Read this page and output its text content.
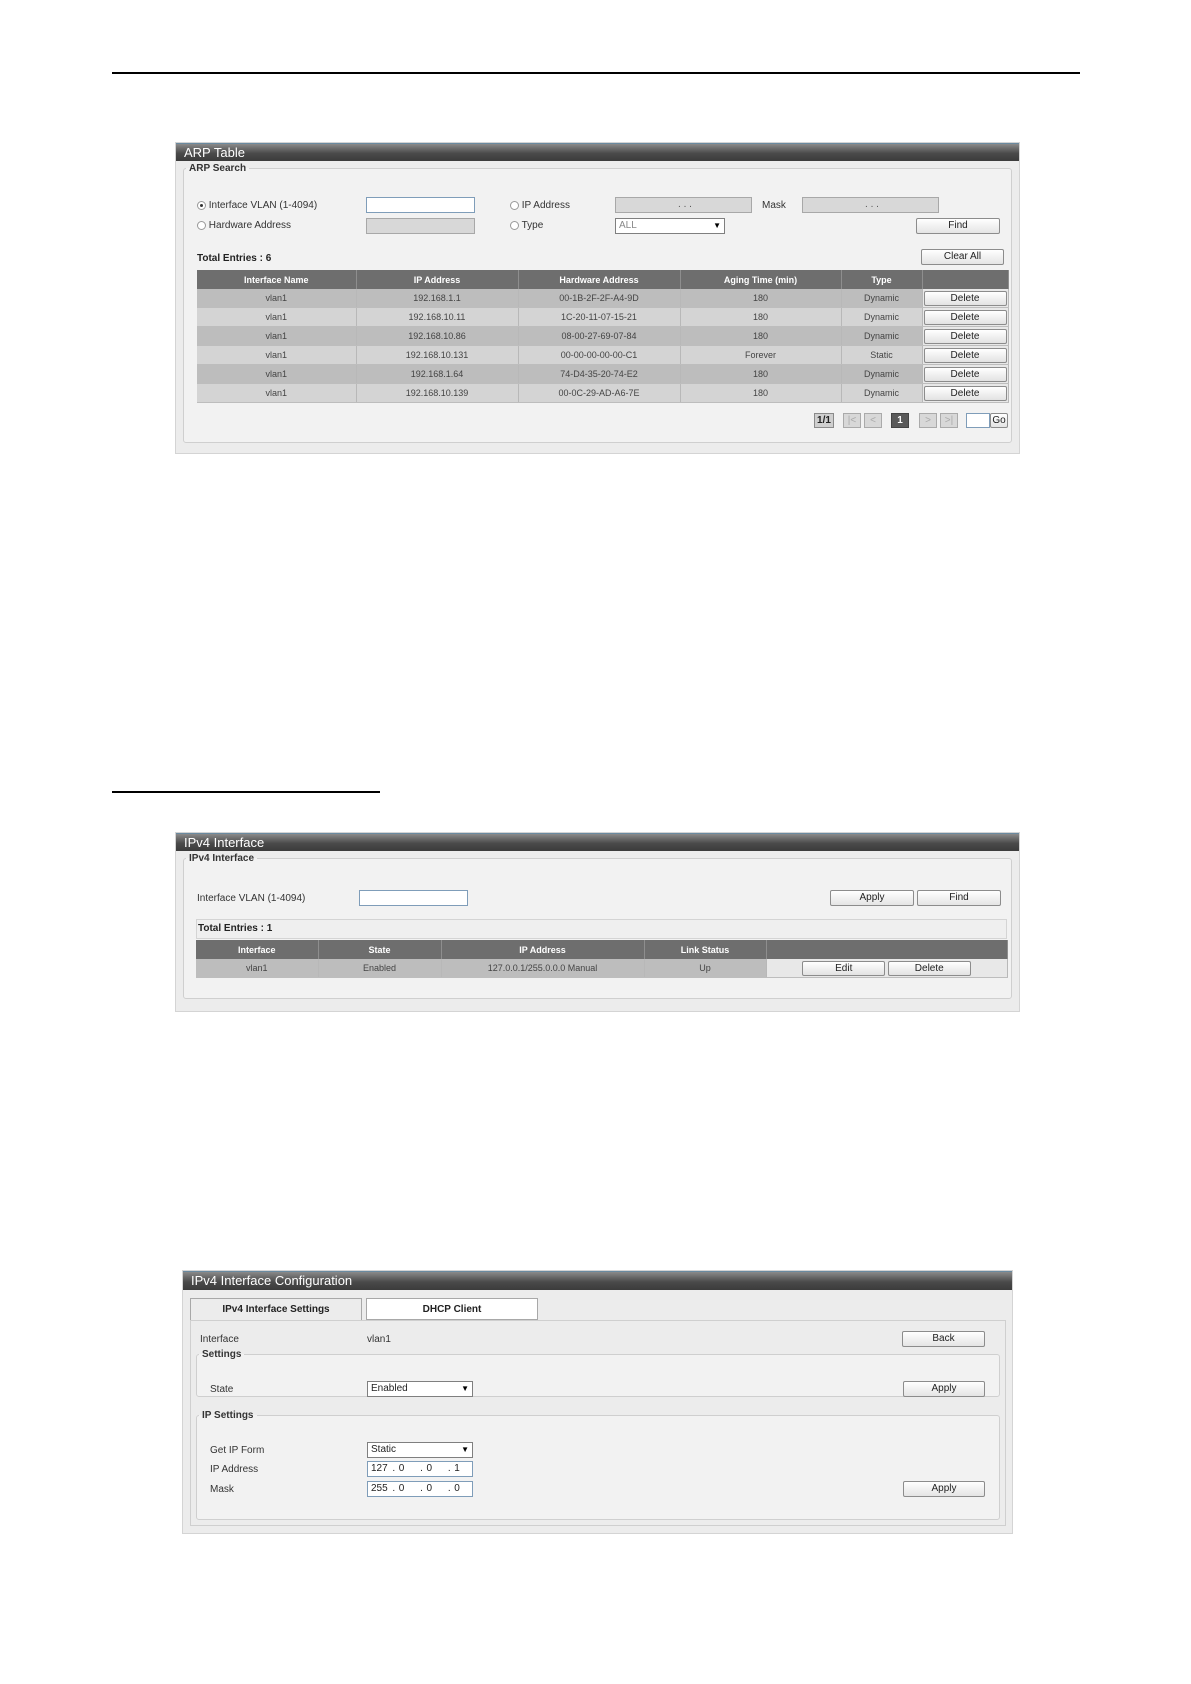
ARP Table
ARP Search
Interface VLAN (1-4094)	IP Address	. . .	Mask	. . .
Hardware Address	Type	ALL	▼	Find
Total Entries : 6	Clear All
Interface Name	IP Address	Hardware Address	Aging Time (min)	Type	
vlan1	192.168.1.1	00-1B-2F-2F-A4-9D	180	Dynamic	Delete
vlan1	192.168.10.11	1C-20-11-07-15-21	180	Dynamic	Delete
vlan1	192.168.10.86	08-00-27-69-07-84	180	Dynamic	Delete
vlan1	192.168.10.131	00-00-00-00-00-C1	Forever	Static	Delete
vlan1	192.168.1.64	74-D4-35-20-74-E2	180	Dynamic	Delete
vlan1	192.168.10.139	00-0C-29-AD-A6-7E	180	Dynamic	Delete
1/1	|<	<	1	>	>|	Go
IPv4 Interface
IPv4 Interface
Interface VLAN (1-4094)	Apply	Find
Total Entries : 1
Interface	State	IP Address	Link Status	
vlan1	Enabled	127.0.0.1/255.0.0.0 Manual	Up	Edit Delete
IPv4 Interface Configuration
IPv4 Interface Settings	DHCP Client
Interface	vlan1	Back
Settings
State	Enabled	▼	Apply
IP Settings
Get IP Form	Static	▼
IP Address	127 . 0	. 0	. 1
Mask	255 . 0	. 0	. 0	Apply
